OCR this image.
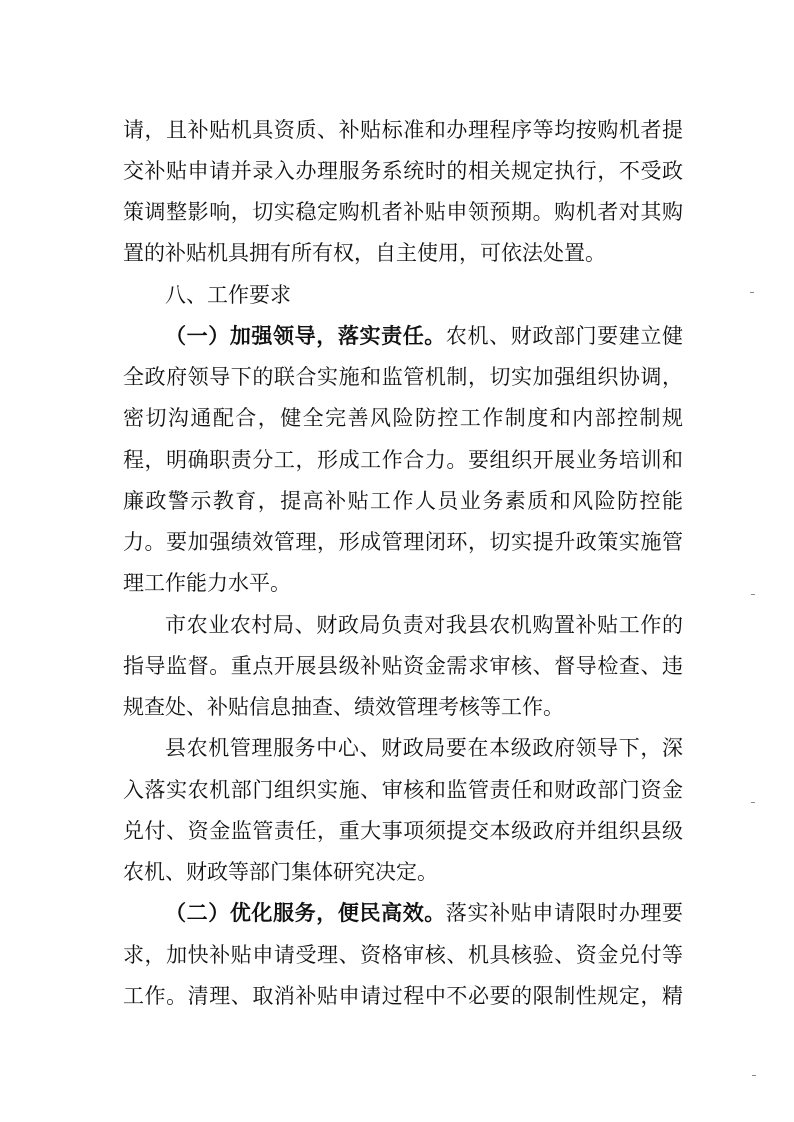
请，且补贴机具资质、补贴标准和办理程序等均按购机者提
交补贴申请并录入办理服务系统时的相关规定执行，不受政
策调整影响，切实稳定购机者补贴申领预期。购机者对其购
置的补贴机具拥有所有权，自主使用，可依法处置。
八、工作要求
（一）加强领导，落实责任。农机、财政部门要建立健
全政府领导下的联合实施和监管机制，切实加强组织协调，
密切沟通配合，健全完善风险防控工作制度和内部控制规
程，明确职责分工，形成工作合力。要组织开展业务培训和
廉政警示教育，提高补贴工作人员业务素质和风险防控能
力。要加强绩效管理，形成管理闭环，切实提升政策实施管
理工作能力水平。
市农业农村局、财政局负责对我县农机购置补贴工作的
指导监督。重点开展县级补贴资金需求审核、督导检查、违
规查处、补贴信息抽查、绩效管理考核等工作。
县农机管理服务中心、财政局要在本级政府领导下，深
入落实农机部门组织实施、审核和监管责任和财政部门资金
兑付、资金监管责任，重大事项须提交本级政府并组织县级
农机、财政等部门集体研究决定。
（二）优化服务，便民高效。落实补贴申请限时办理要
求，加快补贴申请受理、资格审核、机具核验、资金兑付等
工作。清理、取消补贴申请过程中不必要的限制性规定，精
